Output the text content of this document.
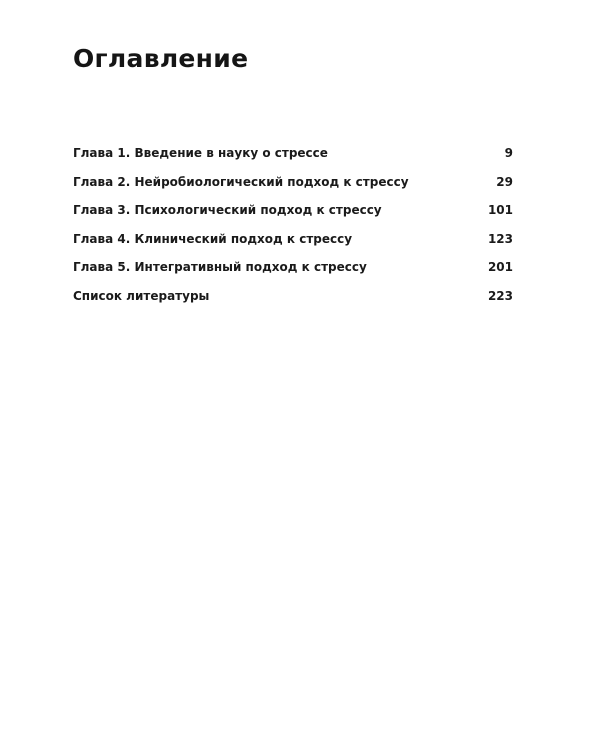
Оглавление
Глава 1. Введение в науку о стрессе	9
Глава 2. Нейробиологический подход к стрессу	29
Глава 3. Психологический подход к стрессу	101
Глава 4. Клинический подход к стрессу	123
Глава 5. Интегративный подход к стрессу	201
Список литературы	223
